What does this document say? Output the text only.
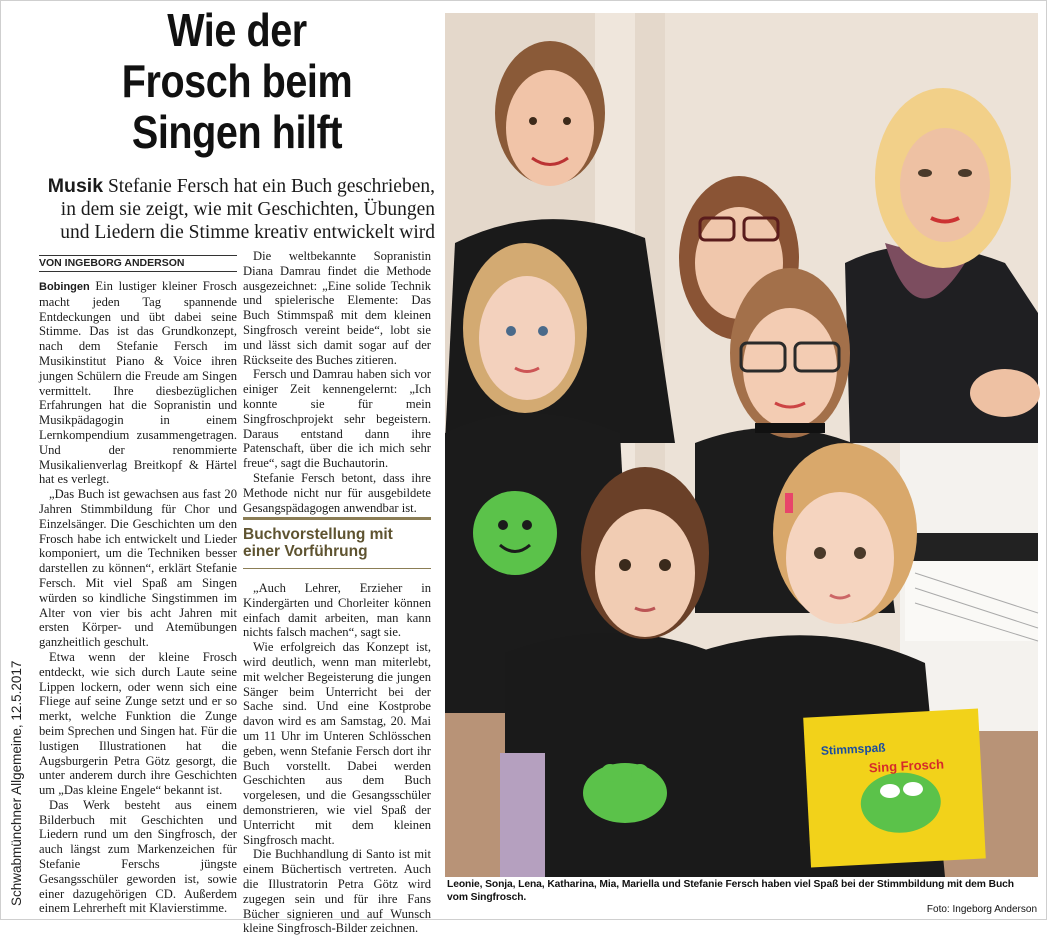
Schwabmünchner Allgemeine, 12.5.2017
Wie der
Frosch beim
Singen hilft
Musik Stefanie Fersch hat ein Buch geschrieben, in dem sie zeigt, wie mit Geschichten, Übungen und Liedern die Stimme kreativ entwickelt wird
VON INGEBORG ANDERSON

Bobingen Ein lustiger kleiner Frosch macht jeden Tag spannende Entdeckungen und übt dabei seine Stimme. Das ist das Grundkonzept, nach dem Stefanie Fersch im Musikinstitut Piano & Voice ihren jungen Schülern die Freude am Singen vermittelt. Ihre diesbezüglichen Erfahrungen hat die Sopranistin und Musikpädagogin in einem Lernkompendium zusammengetragen. Und der renommierte Musikalienverlag Breitkopf & Härtel hat es verlegt.

„Das Buch ist gewachsen aus fast 20 Jahren Stimmbildung für Chor und Einzelsänger. Die Geschichten um den Frosch habe ich entwickelt und Lieder komponiert, um die Techniken besser darstellen zu können“, erklärt Stefanie Fersch. Mit viel Spaß am Singen würden so kindliche Singstimmen im Alter von vier bis acht Jahren mit ersten Körper- und Atemübungen ganzheitlich geschult.

Etwa wenn der kleine Frosch entdeckt, wie sich durch Laute seine Lippen lockern, oder wenn sich eine Fliege auf seine Zunge setzt und er so merkt, welche Funktion die Zunge beim Sprechen und Singen hat. Für die lustigen Illustrationen hat die Augsburgerin Petra Götz gesorgt, die unter anderem durch ihre Geschichten um „Das kleine Engele“ bekannt ist.

Das Werk besteht aus einem Bilderbuch mit Geschichten und Liedern rund um den Singfrosch, der auch längst zum Markenzeichen für Stefanie Ferschs jüngste Gesangsschüler geworden ist, sowie einer dazugehörigen CD. Außerdem einem Lehrerheft mit Klavierstimme.

Die weltbekannte Sopranistin Diana Damrau findet die Methode ausgezeichnet: „Eine solide Technik und spielerische Elemente: Das Buch Stimmspaß mit dem kleinen Singfrosch vereint beide“, lobt sie und lässt sich damit sogar auf der Rückseite des Buches zitieren.

Fersch und Damrau haben sich vor einiger Zeit kennengelernt: „Ich konnte sie für mein Singfroschprojekt sehr begeistern. Daraus entstand dann ihre Patenschaft, über die ich mich sehr freue“, sagt die Buchautorin.

Stefanie Fersch betont, dass ihre Methode nicht nur für ausgebildete Gesangspädagogen anwendbar ist.

Buchvorstellung mit einer Vorführung

„Auch Lehrer, Erzieher in Kindergärten und Chorleiter können einfach damit arbeiten, man kann nichts falsch machen“, sagt sie.

Wie erfolgreich das Konzept ist, wird deutlich, wenn man miterlebt, mit welcher Begeisterung die jungen Sänger beim Unterricht bei der Sache sind. Und eine Kostprobe davon wird es am Samstag, 20. Mai um 11 Uhr im Unteren Schlösschen geben, wenn Stefanie Fersch dort ihr Buch vorstellt. Dabei werden Geschichten aus dem Buch vorgelesen, und die Gesangsschüler demonstrieren, wie viel Spaß der Unterricht mit dem kleinen Singfrosch macht.

Die Buchhandlung di Santo ist mit einem Büchertisch vertreten. Auch die Illustratorin Petra Götz wird zugegen sein und für ihre Fans Bücher signieren und auf Wunsch kleine Singfrosch-Bilder zeichnen.

Stimmspaß
Sing Frosch
Leonie, Sonja, Lena, Katharina, Mia, Mariella und Stefanie Fersch haben viel Spaß bei der Stimmbildung mit dem Buch vom Singfrosch.
Foto: Ingeborg Anderson
